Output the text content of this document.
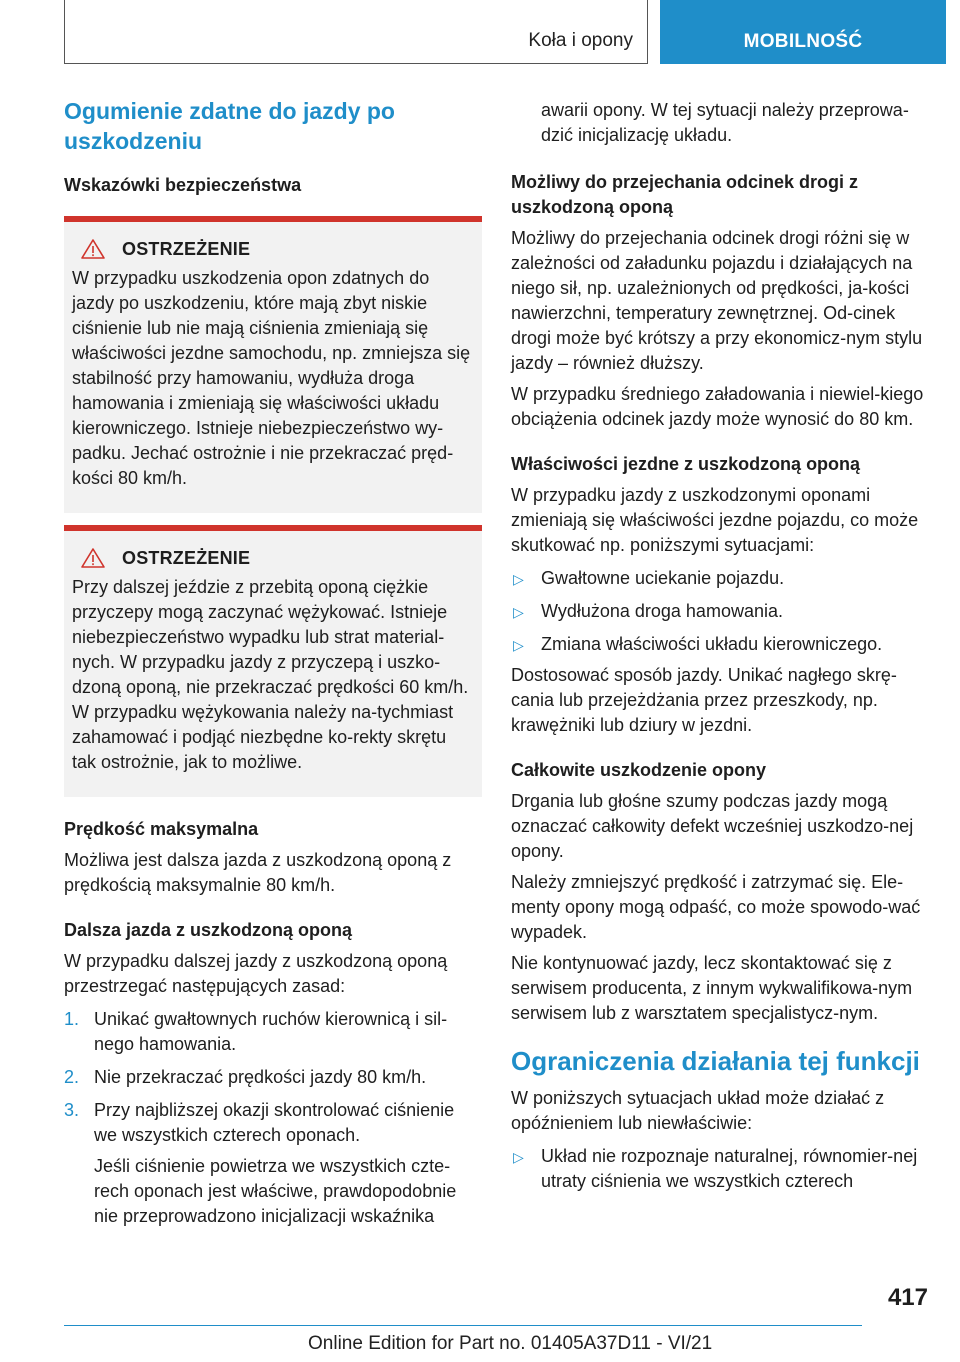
Koła i opony	MOBILNOŚĆ
Ogumienie zdatne do jazdy po uszkodzeniu

Wskazówki bezpieczeństwa

OSTRZEŻENIE

W przypadku uszkodzenia opon zdatnych do jazdy po uszkodzeniu, które mają zbyt niskie ciśnienie lub nie mają ciśnienia zmieniają się właściwości jezdne samochodu, np. zmniejsza się stabilność przy hamowaniu, wydłuża droga hamowania i zmieniają się właściwości układu kierowniczego. Istnieje niebezpieczeństwo wy-padku. Jechać ostrożnie i nie przekraczać pręd-kości 80 km/h.

OSTRZEŻENIE

Przy dalszej jeździe z przebitą oponą ciężkie przyczepy mogą zaczynać wężykować. Istnieje niebezpieczeństwo wypadku lub strat material-nych. W przypadku jazdy z przyczepą i uszko-dzoną oponą, nie przekraczać prędkości 60 km/h. W przypadku wężykowania należy na-tychmiast zahamować i podjąć niezbędne ko-rekty skrętu tak ostrożnie, jak to możliwe.

Prędkość maksymalna

Możliwa jest dalsza jazda z uszkodzoną oponą z prędkością maksymalnie 80 km/h.

Dalsza jazda z uszkodzoną oponą

W przypadku dalszej jazdy z uszkodzoną oponą przestrzegać następujących zasad:

1. Unikać gwałtownych ruchów kierownicą i sil-nego hamowania.
2. Nie przekraczać prędkości jazdy 80 km/h.
3. Przy najbliższej okazji skontrolować ciśnienie we wszystkich czterech oponach.

Jeśli ciśnienie powietrza we wszystkich czte-rech oponach jest właściwe, prawdopodobnie nie przeprowadzono inicjalizacji wskaźnika

awarii opony. W tej sytuacji należy przeprowa-dzić inicjalizację układu.

Możliwy do przejechania odcinek drogi z uszkodzoną oponą

Możliwy do przejechania odcinek drogi różni się w zależności od załadunku pojazdu i działających na niego sił, np. uzależnionych od prędkości, ja-kości nawierzchni, temperatury zewnętrznej. Od-cinek drogi może być krótszy a przy ekonomicz-nym stylu jazdy – również dłuższy.

W przypadku średniego załadowania i niewiel-kiego obciążenia odcinek jazdy może wynosić do 80 km.

Właściwości jezdne z uszkodzoną oponą

W przypadku jazdy z uszkodzonymi oponami zmieniają się właściwości jezdne pojazdu, co może skutkować np. poniższymi sytuacjami:

▷ Gwałtowne uciekanie pojazdu.
▷ Wydłużona droga hamowania.
▷ Zmiana właściwości układu kierowniczego.

Dostosować sposób jazdy. Unikać nagłego skrę-cania lub przejeżdżania przez przeszkody, np. krawężniki lub dziury w jezdni.

Całkowite uszkodzenie opony

Drgania lub głośne szumy podczas jazdy mogą oznaczać całkowity defekt wcześniej uszkodzo-nej opony.

Należy zmniejszyć prędkość i zatrzymać się. Ele-menty opony mogą odpaść, co może spowodo-wać wypadek.

Nie kontynuować jazdy, lecz skontaktować się z serwisem producenta, z innym wykwalifikowa-nym serwisem lub z warsztatem specjalistycz-nym.

Ograniczenia działania tej funkcji

W poniższych sytuacjach układ może działać z opóźnieniem lub niewłaściwie:

▷ Układ nie rozpoznaje naturalnej, równomier-nej utraty ciśnienia we wszystkich czterech
417
Online Edition for Part no. 01405A37D11 - VI/21
